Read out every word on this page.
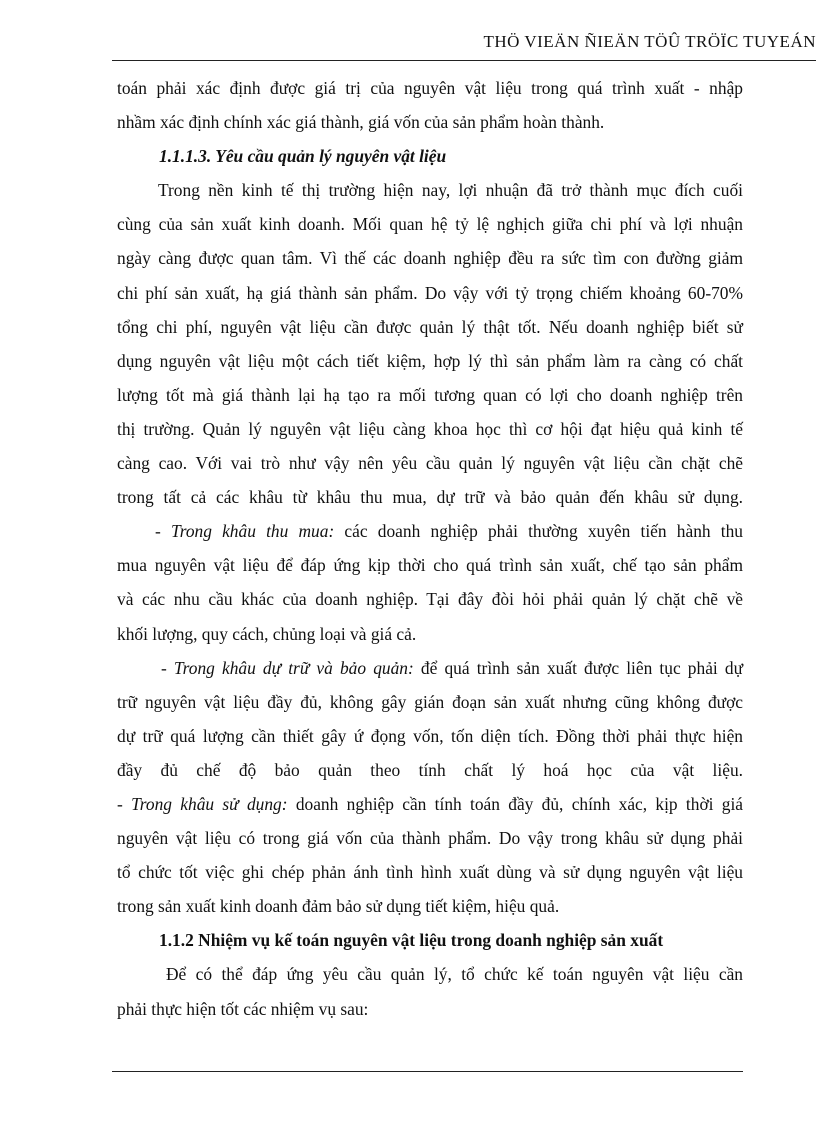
THÖ VIEÄN ÑIEÄN TÖÛ TRÖÏC TUYEÁN
toán phải xác định được giá trị của nguyên vật liệu trong quá trình xuất - nhập
nhầm xác định chính xác giá thành, giá vốn của sản phẩm hoàn thành.
1.1.1.3. Yêu cầu quản lý nguyên vật liệu
Trong nền kinh tế thị trường hiện nay, lợi nhuận đã trở thành mục đích cuối
cùng của sản xuất kinh doanh. Mối quan hệ tỷ lệ nghịch giữa chi phí và lợi nhuận
ngày càng được quan tâm. Vì thế các doanh nghiệp đều ra sức tìm con đường giảm
chi phí sản xuất, hạ giá thành sản phẩm. Do vậy với tỷ trọng chiếm khoảng 60-70%
tổng chi phí, nguyên vật liệu cần được quản lý thật tốt. Nếu doanh nghiệp biết sử
dụng nguyên vật liệu một cách tiết kiệm, hợp lý thì sản phẩm làm ra càng có chất
lượng tốt mà giá thành lại hạ tạo ra mối tương quan có lợi cho doanh nghiệp trên
thị trường. Quản lý nguyên vật liệu càng khoa học thì cơ hội đạt hiệu quả kinh tế
càng cao. Với vai trò như vậy nên yêu cầu quản lý nguyên vật liệu cần chặt chẽ
trong tất cả các khâu từ khâu thu mua, dự trữ và bảo quản đến khâu sử dụng.
- Trong khâu thu mua: các doanh nghiệp phải thường xuyên tiến hành thu
mua nguyên vật liệu để đáp ứng kịp thời cho quá trình sản xuất, chế tạo sản phẩm
và các nhu cầu khác của doanh nghiệp. Tại đây đòi hỏi phải quản lý chặt chẽ về
khối lượng, quy cách, chủng loại và giá cả.
- Trong khâu dự trữ và bảo quản: để quá trình sản xuất được liên tục phải dự
trữ nguyên vật liệu đầy đủ, không gây gián đoạn sản xuất nhưng cũng không được
dự trữ quá lượng cần thiết gây ứ đọng vốn, tốn diện tích. Đồng thời phải thực hiện
đầy đủ chế độ bảo quản theo tính chất lý hoá học của vật liệu.
- Trong khâu sử dụng: doanh nghiệp cần tính toán đầy đủ, chính xác, kịp thời giá
nguyên vật liệu có trong giá vốn của thành phẩm. Do vậy trong khâu sử dụng phải
tổ chức tốt việc ghi chép phản ánh tình hình xuất dùng và sử dụng nguyên vật liệu
trong sản xuất kinh doanh đảm bảo sử dụng tiết kiệm, hiệu quả.
1.1.2 Nhiệm vụ kế toán nguyên vật liệu trong doanh nghiệp sản xuất
Để có thể đáp ứng yêu cầu quản lý, tổ chức kế toán nguyên vật liệu cần
phải thực hiện tốt các nhiệm vụ sau:
